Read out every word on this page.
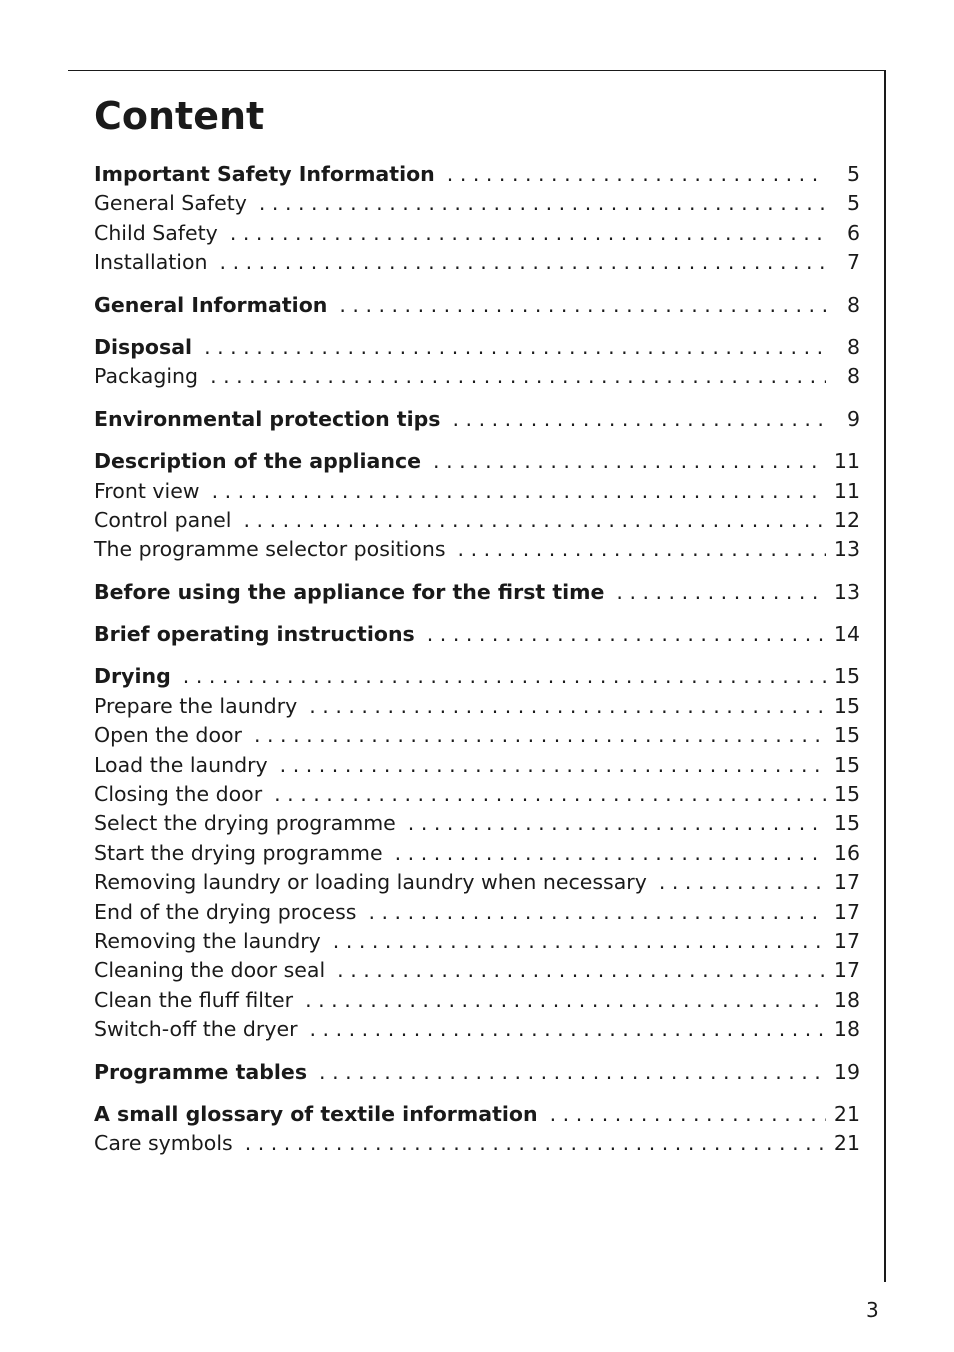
Content
Important Safety Information . . .	5
General Safety . . .	5
Child Safety . . .	6
Installation . . .	7
General Information . . .	8
Disposal . . .	8
Packaging . . .	8
Environmental protection tips . . .	9
Description of the appliance . . .	11
Front view . . .	11
Control panel . . .	12
The programme selector positions . . .	13
Before using the appliance for the first time . . .	13
Brief operating instructions . . .	14
Drying . . .	15
Prepare the laundry . . .	15
Open the door . . .	15
Load the laundry . . .	15
Closing the door . . .	15
Select the drying programme . . .	15
Start the drying programme . . .	16
Removing laundry or loading laundry when necessary . . .	17
End of the drying process . . .	17
Removing the laundry . . .	17
Cleaning the door seal . . .	17
Clean the fluff filter . . .	18
Switch-off the dryer . . .	18
Programme tables . . .	19
A small glossary of textile information . . .	21
Care symbols . . .	21
3
